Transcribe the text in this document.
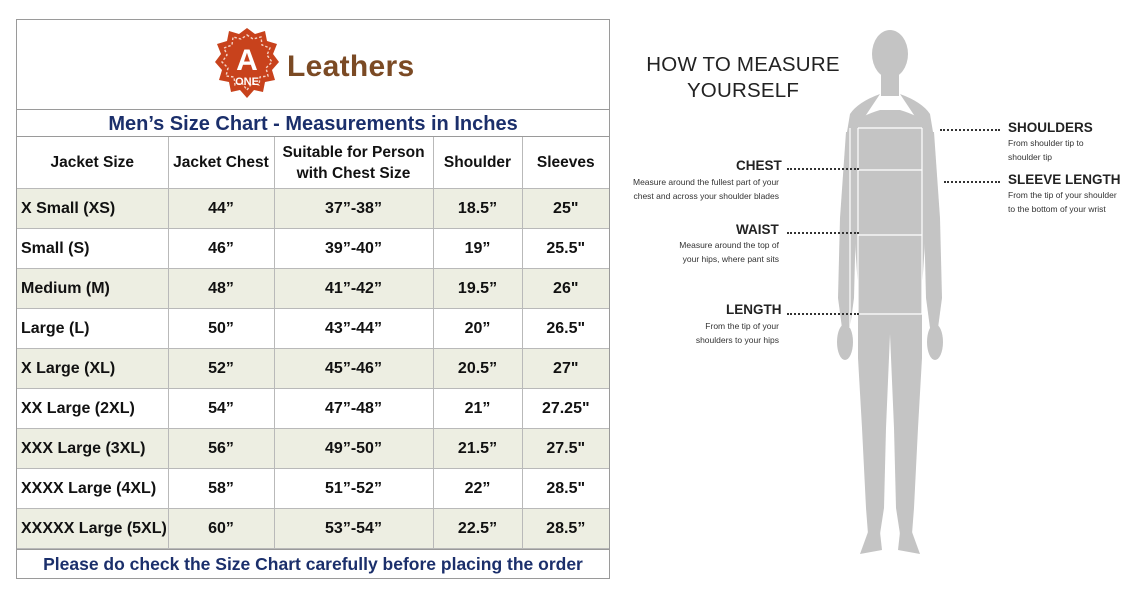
A
ONE Leathers
Men’s Size Chart - Measurements in Inches
Jacket Size	Jacket Chest	Suitable for Person with Chest Size	Shoulder	Sleeves
X Small (XS)	44”	37”-38”	18.5”	25"
Small (S)	46”	39”-40”	19”	25.5"
Medium (M)	48”	41”-42”	19.5”	26"
Large (L)	50”	43”-44”	20”	26.5"
X Large (XL)	52”	45”-46”	20.5”	27"
XX Large (2XL)	54”	47”-48”	21”	27.25"
XXX Large (3XL)	56”	49”-50”	21.5”	27.5"
XXXX Large (4XL)	58”	51”-52”	22”	28.5"
XXXXX Large (5XL)	60”	53”-54”	22.5”	28.5”
Please do check the Size Chart carefully before placing the order
HOW TO MEASURE
YOURSELF
CHEST
Measure around the fullest part of your
chest and across your shoulder blades
WAIST
Measure around the top of
your hips, where pant sits
LENGTH
From the tip of your
shoulders to your hips
SHOULDERS
From shoulder tip to
shoulder tip
SLEEVE LENGTH
From the tip of your shoulder
to the bottom of your wrist
